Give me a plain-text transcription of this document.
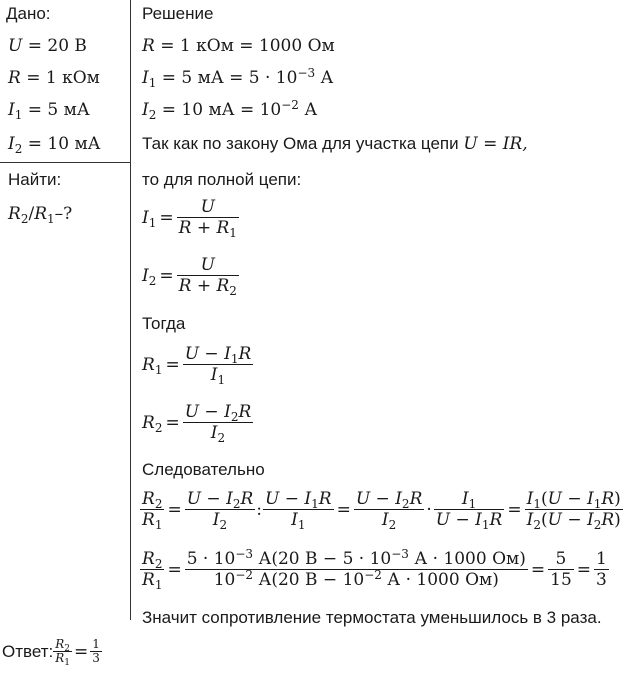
Дано:
U = 20 В
R = 1 кОм
$I_1 = 5$ мА
$I_2 = 10$ мА
Найти:
$R_2/R_1-$?
Решение
R = 1 кОм = 1000 Ом
$I_1 = 5$ мА = $5 \cdot 10^{-3}$ А
$I_2 = 10$ мА = $10^{-2}$ А
Так как по закону Ома для участка цепи U = IR,
то для полной цепи:
$I_1 = \frac{U}{R + R_1}$
$I_2 = \frac{U}{R + R_2}$
Тогда
$R_1 = \frac{U - I_1R}{I_1}$
$R_2 = \frac{U - I_2R}{I_2}$
Следовательно
$\frac{R_2}{R_1} = \frac{U - I_2R}{I_2}$ : $\frac{U - I_1R}{I_1} = \frac{U - I_2R}{I_2} \cdot \frac{I_1}{U - I_1R} = \frac{I_1(U - I_1R)}{I_2(U - I_2R)}$
$\frac{R_2}{R_1} = \frac{5 \cdot 10^{-3} А(20 В - 5 \cdot 10^{-3} А \cdot 1000 Ом)}{10^{-2} А(20 В - 10^{-2} А \cdot 1000 Ом)} = \frac{5}{15} = \frac{1}{3}$
Значит сопротивление термостата уменьшилось в 3 раза.
Ответ: $\frac{R_2}{R_1} = \frac{1}{3}$
